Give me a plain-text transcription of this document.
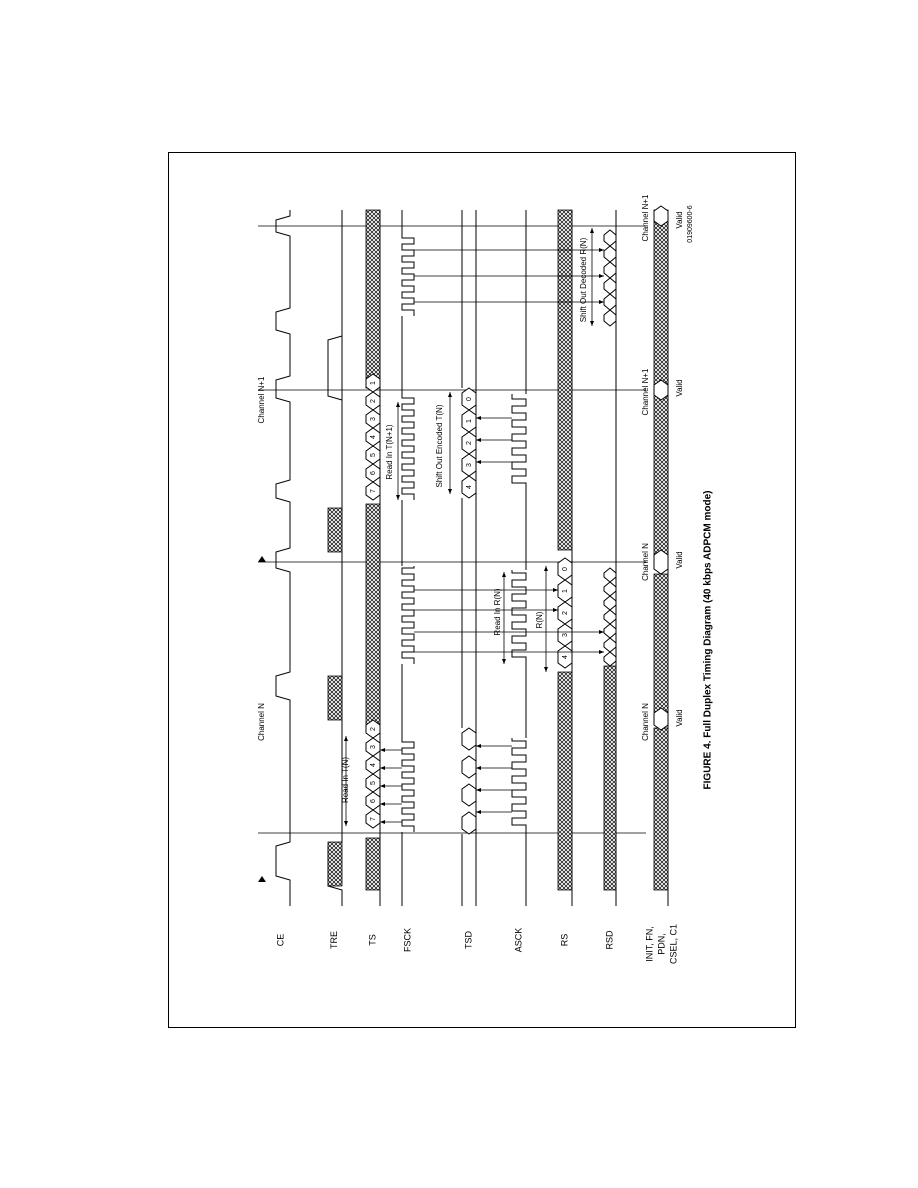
CE	TRE	TS	FSCK	TSD	ASCK	RS	RSD	INIT, FN, PDN, CSEL, C1
7
6
5
4
3
2
7
6
5
4
3
2
1
4
3
2
1
0
4
3
2
1
0
Channel N
Channel N+1
Read In T(N)
Read In T(N+1)	Shift Out Encoded T(N)
Read In R(N)	R(N)
Shift Out Decoded R(N)
Channel N
Channel N
Channel N+1
Channel N+1
Valid
Valid
Valid
Valid 01909600-6
FIGURE 4. Full Duplex Timing Diagram (40 kbps ADPCM mode)
